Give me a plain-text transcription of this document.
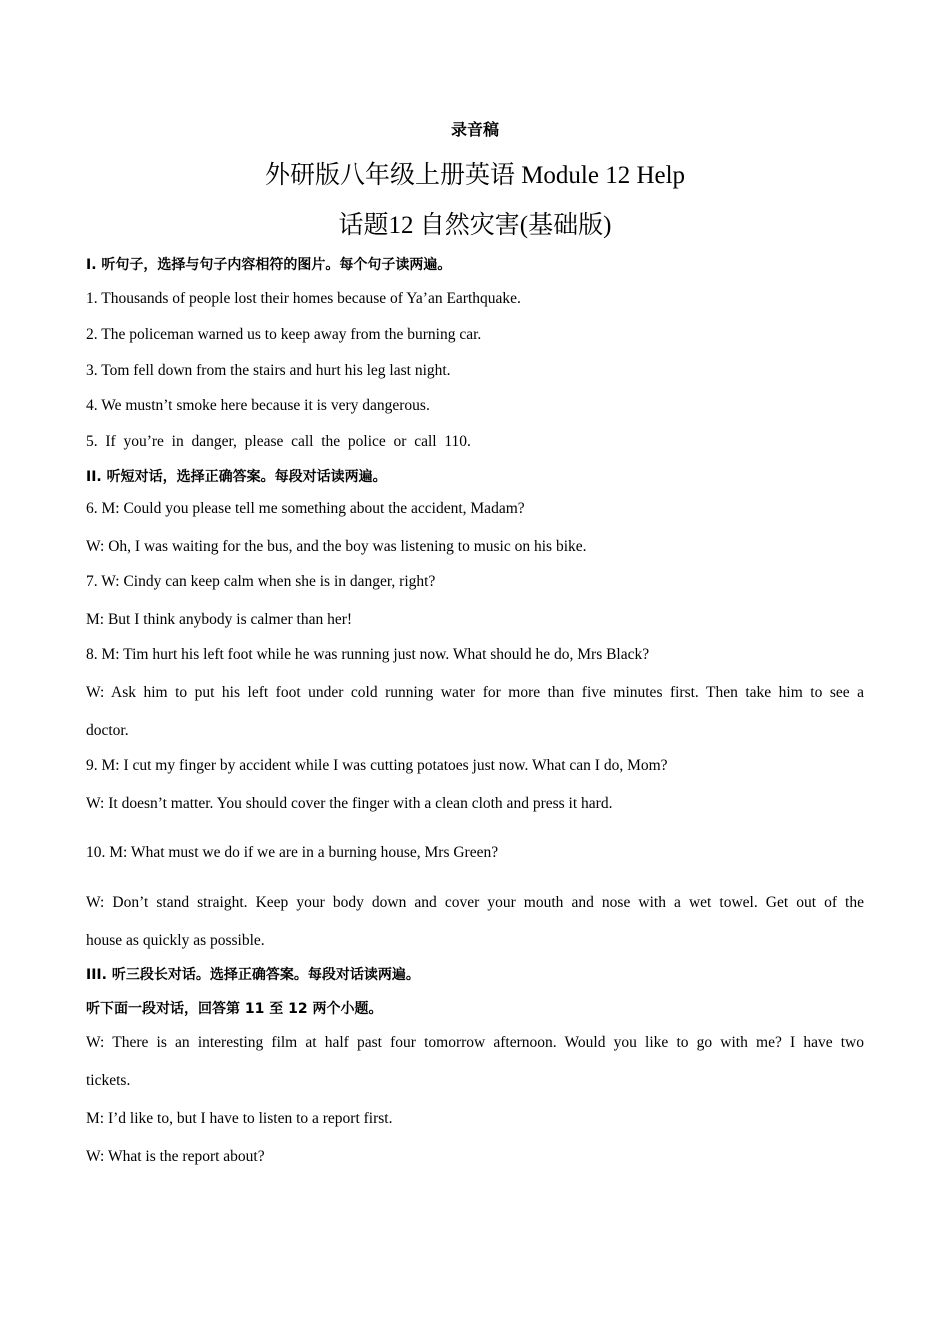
录音稿
外研版八年级上册英语 Module 12 Help
话题12 自然灾害(基础版)
Ⅰ. 听句子，选择与句子内容相符的图片。每个句子读两遍。
1. Thousands of people lost their homes because of Ya’an Earthquake.
2. The policeman warned us to keep away from the burning car.
3. Tom fell down from the stairs and hurt his leg last night.
4. We mustn’t smoke here because it is very dangerous.
5.  If  you’re  in  danger,  please  call  the  police  or  call  110.
II. 听短对话，选择正确答案。每段对话读两遍。
6. M: Could you please tell me something about the accident, Madam?
W: Oh, I was waiting for the bus, and the boy was listening to music on his bike.
7. W: Cindy can keep calm when she is in danger, right?
M: But I think anybody is calmer than her!
8. M: Tim hurt his left foot while he was running just now. What should he do, Mrs Black?
W: Ask him to put his left foot under cold running water for more than five minutes first. Then take him to see a
doctor.
9. M: I cut my finger by accident while I was cutting potatoes just now. What can I do, Mom?
W: It doesn’t matter. You should cover the finger with a clean cloth and press it hard.
10. M: What must we do if we are in a burning house, Mrs Green?
W: Don’t stand straight. Keep your body down and cover your mouth and nose with a wet towel. Get out of the
house as quickly as possible.
III. 听三段长对话。选择正确答案。每段对话读两遍。
听下面一段对话，回答第 11 至 12 两个小题。
W: There is an interesting film at half past four tomorrow afternoon. Would you like to go with me? I have two
tickets.
M: I’d like to, but I have to listen to a report first.
W: What is the report about?
